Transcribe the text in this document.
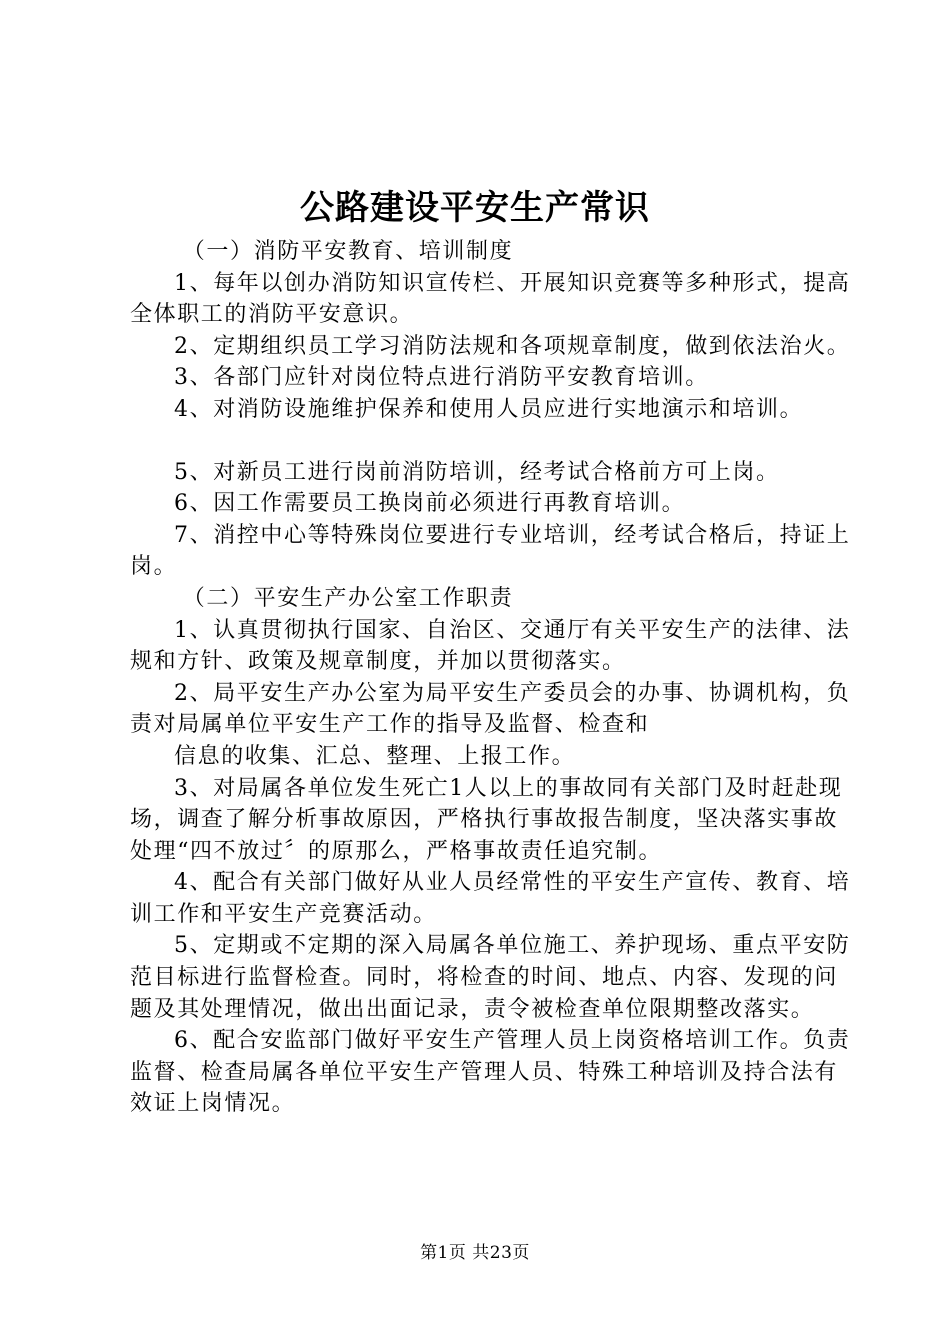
公路建设平安生产常识

（一）消防平安教育、培训制度

1、每年以创办消防知识宣传栏、开展知识竞赛等多种形式，提高全体职工的消防平安意识。

2、定期组织员工学习消防法规和各项规章制度，做到依法治火。

3、各部门应针对岗位特点进行消防平安教育培训。

4、对消防设施维护保养和使用人员应进行实地演示和培训。

5、对新员工进行岗前消防培训，经考试合格前方可上岗。

6、因工作需要员工换岗前必须进行再教育培训。

7、消控中心等特殊岗位要进行专业培训，经考试合格后，持证上岗。

（二）平安生产办公室工作职责

1、认真贯彻执行国家、自治区、交通厅有关平安生产的法律、法规和方针、政策及规章制度，并加以贯彻落实。

2、局平安生产办公室为局平安生产委员会的办事、协调机构，负责对局属单位平安生产工作的指导及监督、检查和

信息的收集、汇总、整理、上报工作。

3、对局属各单位发生死亡1人以上的事故同有关部门及时赶赴现场，调查了解分析事故原因，严格执行事故报告制度，坚决落实事故处理“四不放过〞的原那么，严格事故责任追究制。

4、配合有关部门做好从业人员经常性的平安生产宣传、教育、培训工作和平安生产竞赛活动。

5、定期或不定期的深入局属各单位施工、养护现场、重点平安防范目标进行监督检查。同时，将检查的时间、地点、内容、发现的问题及其处理情况，做出出面记录，责令被检查单位限期整改落实。

6、配合安监部门做好平安生产管理人员上岗资格培训工作。负责监督、检查局属各单位平安生产管理人员、特殊工种培训及持合法有效证上岗情况。

第1页 共23页
